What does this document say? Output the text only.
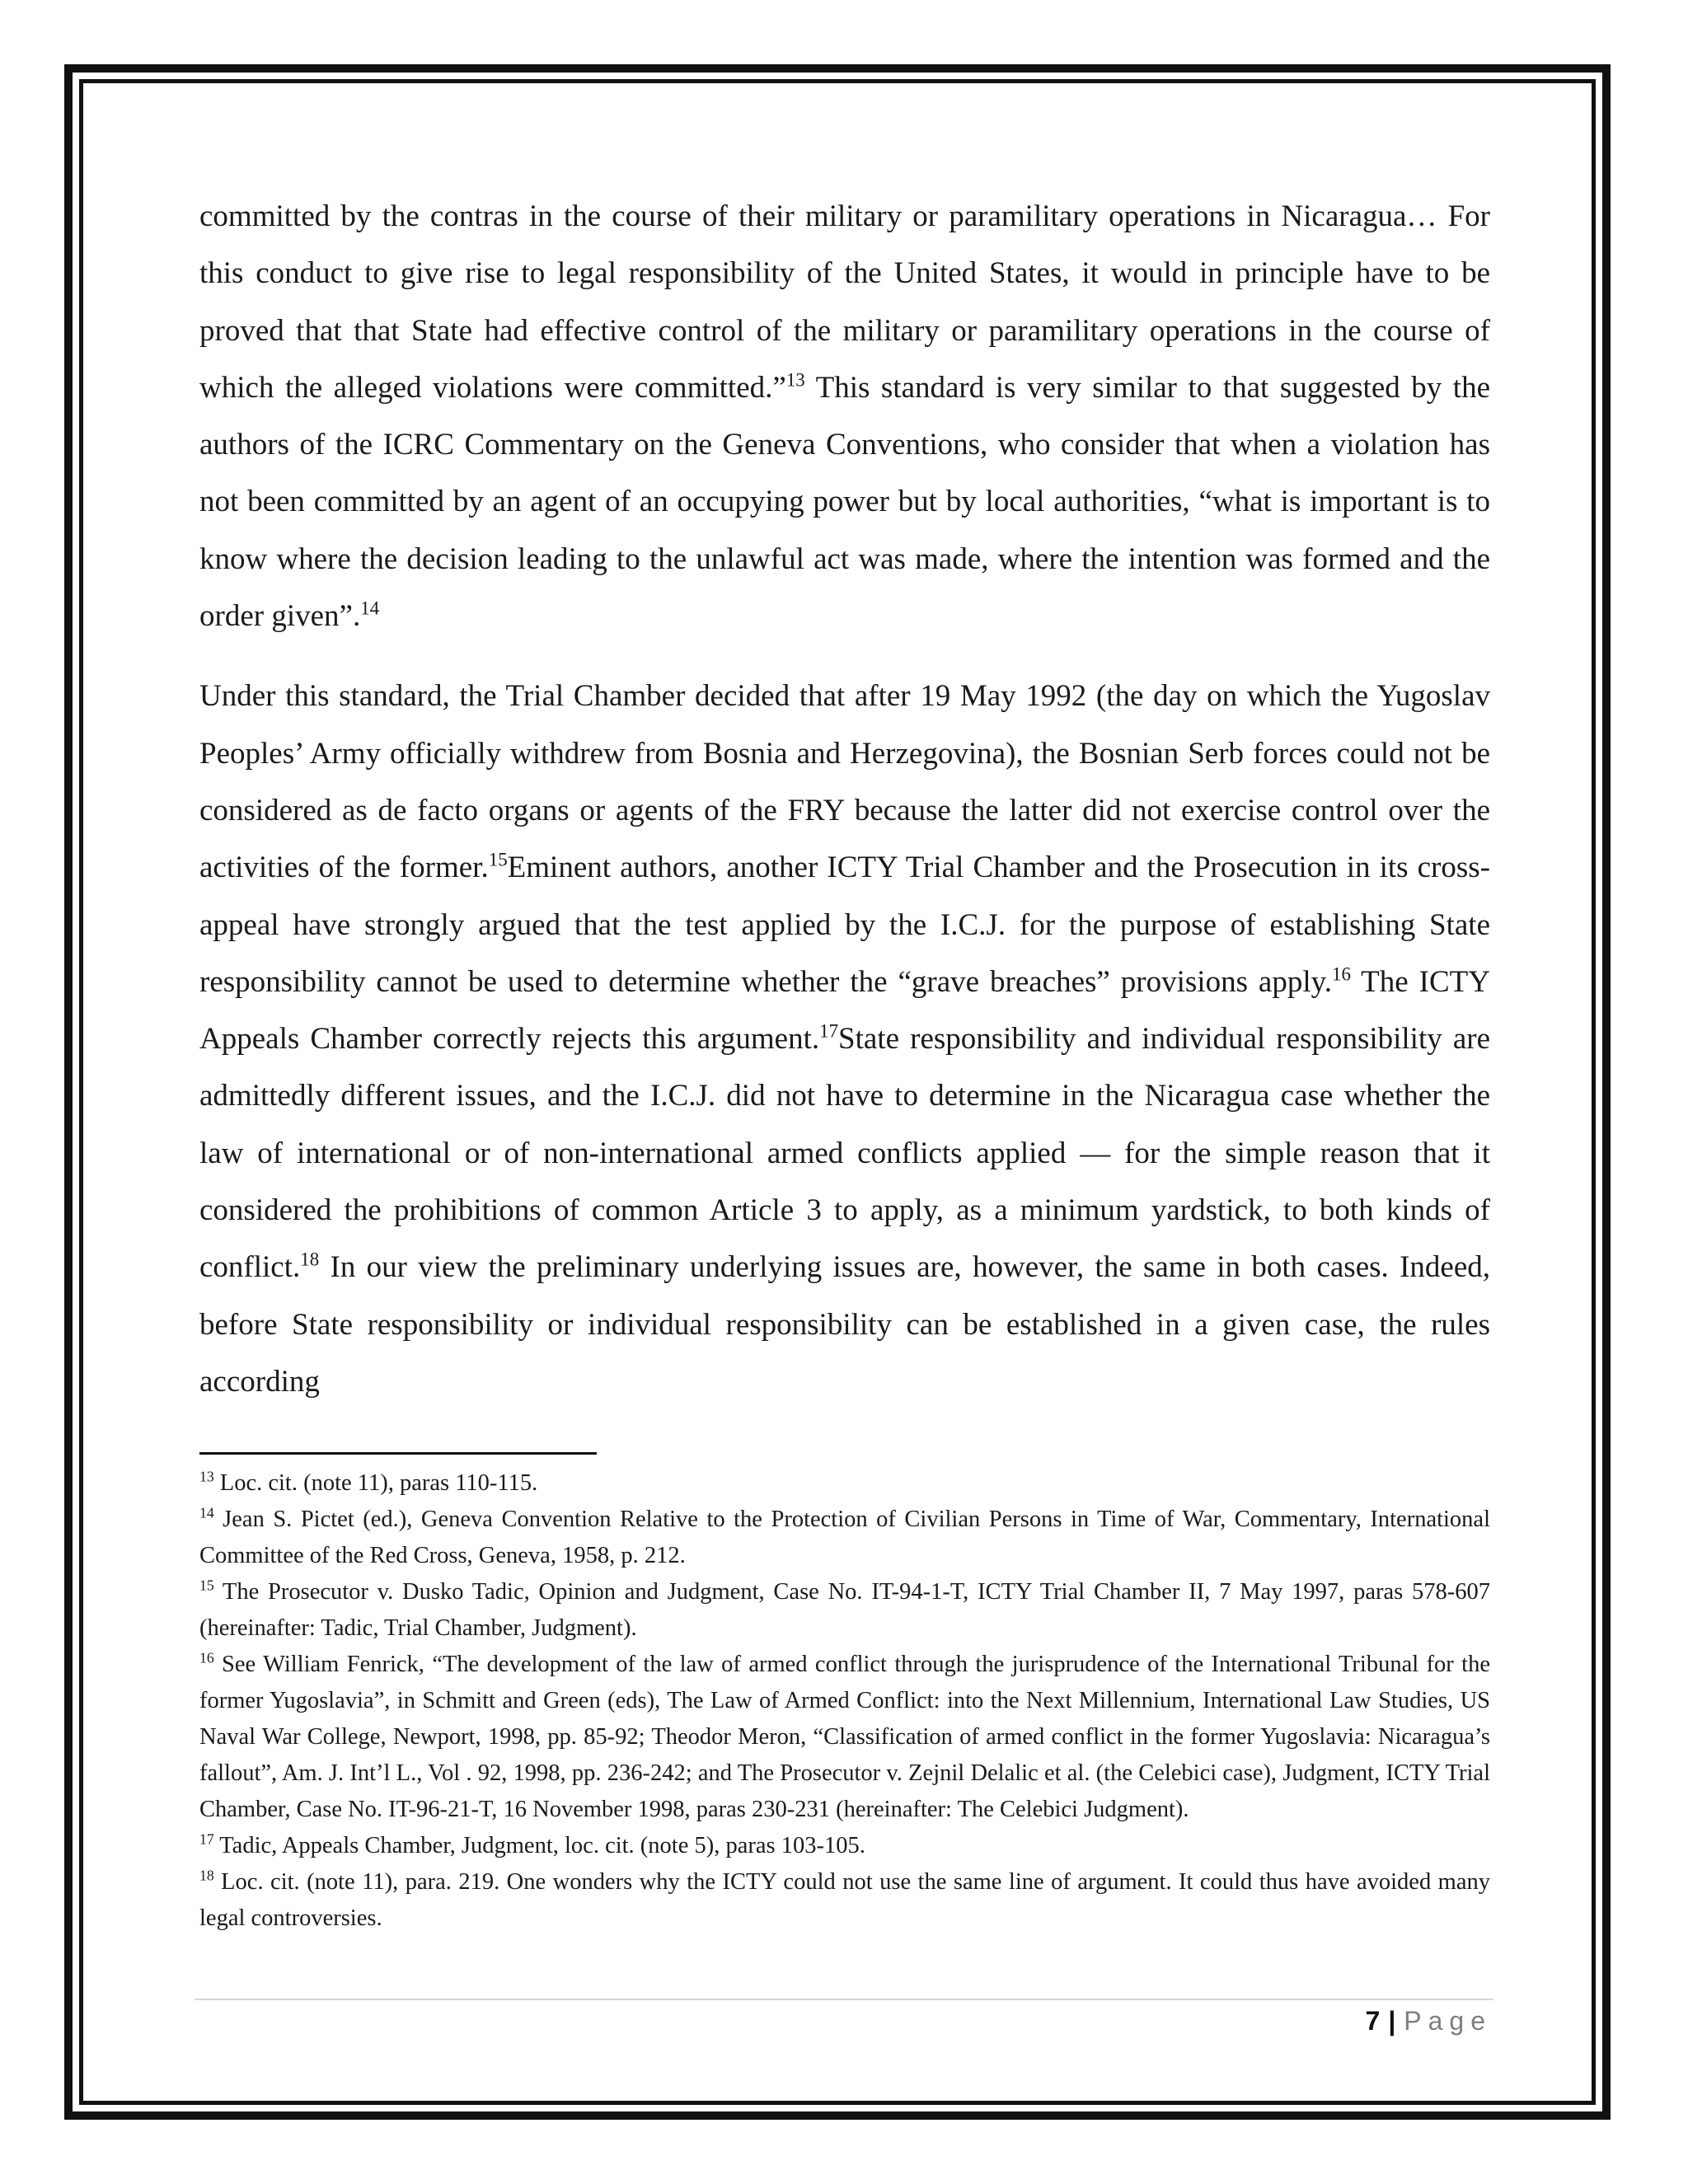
committed by the contras in the course of their military or paramilitary operations in Nicaragua… For this conduct to give rise to legal responsibility of the United States, it would in principle have to be proved that that State had effective control of the military or paramilitary operations in the course of which the alleged violations were committed.”$^{13}$ This standard is very similar to that suggested by the authors of the ICRC Commentary on the Geneva Conventions, who consider that when a violation has not been committed by an agent of an occupying power but by local authorities, “what is important is to know where the decision leading to the unlawful act was made, where the intention was formed and the order given”.$^{14}$

Under this standard, the Trial Chamber decided that after 19 May 1992 (the day on which the Yugoslav Peoples’ Army officially withdrew from Bosnia and Herzegovina), the Bosnian Serb forces could not be considered as de facto organs or agents of the FRY because the latter did not exercise control over the activities of the former.$^{15}$Eminent authors, another ICTY Trial Chamber and the Prosecution in its cross-appeal have strongly argued that the test applied by the I.C.J. for the purpose of establishing State responsibility cannot be used to determine whether the “grave breaches” provisions apply.$^{16}$ The ICTY Appeals Chamber correctly rejects this argument.$^{17}$State responsibility and individual responsibility are admittedly different issues, and the I.C.J. did not have to determine in the Nicaragua case whether the law of international or of non-international armed conflicts applied — for the simple reason that it considered the prohibitions of common Article 3 to apply, as a minimum yardstick, to both kinds of conflict.$^{18}$ In our view the preliminary underlying issues are, however, the same in both cases. Indeed, before State responsibility or individual responsibility can be established in a given case, the rules according

$^{13}$ Loc. cit. (note 11), paras 110-115.

$^{14}$ Jean S. Pictet (ed.), Geneva Convention Relative to the Protection of Civilian Persons in Time of War, Commentary, International Committee of the Red Cross, Geneva, 1958, p. 212.

$^{15}$ The Prosecutor v. Dusko Tadic, Opinion and Judgment, Case No. IT-94-1-T, ICTY Trial Chamber II, 7 May 1997, paras 578-607 (hereinafter: Tadic, Trial Chamber, Judgment).

$^{16}$ See William Fenrick, “The development of the law of armed conflict through the jurisprudence of the International Tribunal for the former Yugoslavia”, in Schmitt and Green (eds), The Law of Armed Conflict: into the Next Millennium, International Law Studies, US Naval War College, Newport, 1998, pp. 85-92; Theodor Meron, “Classification of armed conflict in the former Yugoslavia: Nicaragua’s fallout”, Am. J. Int’l L., Vol . 92, 1998, pp. 236-242; and The Prosecutor v. Zejnil Delalic et al. (the Celebici case), Judgment, ICTY Trial Chamber, Case No. IT-96-21-T, 16 November 1998, paras 230-231 (hereinafter: The Celebici Judgment).

$^{17}$ Tadic, Appeals Chamber, Judgment, loc. cit. (note 5), paras 103-105.

$^{18}$ Loc. cit. (note 11), para. 219. One wonders why the ICTY could not use the same line of argument. It could thus have avoided many legal controversies.

7 | Page
